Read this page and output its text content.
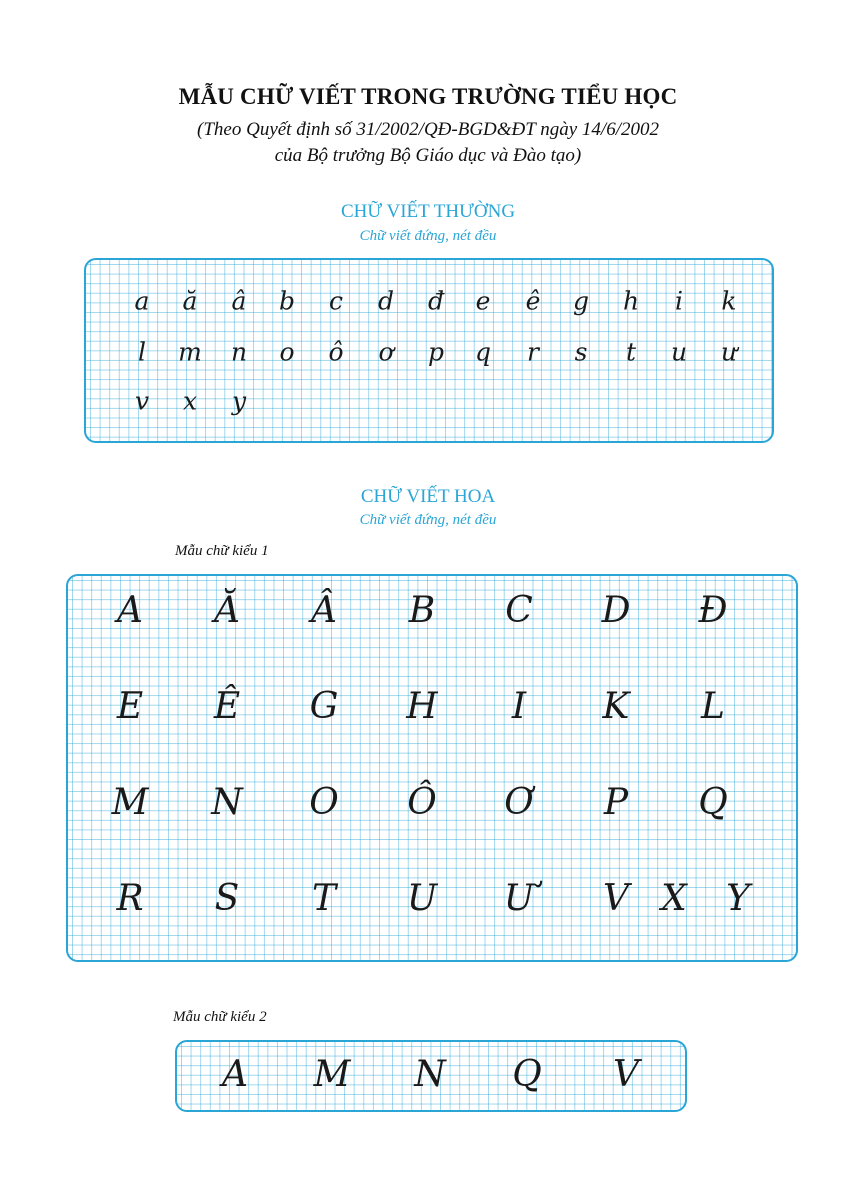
MẪU CHỮ VIẾT TRONG TRƯỜNG TIỂU HỌC
(Theo Quyết định số 31/2002/QĐ-BGD&ĐT ngày 14/6/2002
của Bộ trưởng Bộ Giáo dục và Đào tạo)
CHỮ VIẾT THƯỜNG
Chữ viết đứng, nét đều
a ă â b c d đ e ê g h i k
l m n o ô ơ p q r s t u ư
v x y
CHỮ VIẾT HOA
Chữ viết đứng, nét đều
Mẫu chữ kiểu 1
A Ă Â B C D Đ
E Ê G H I K L
M N O Ô Ơ P Q
R S T U Ư V X Y
Mẫu chữ kiểu 2
A M N Q V
